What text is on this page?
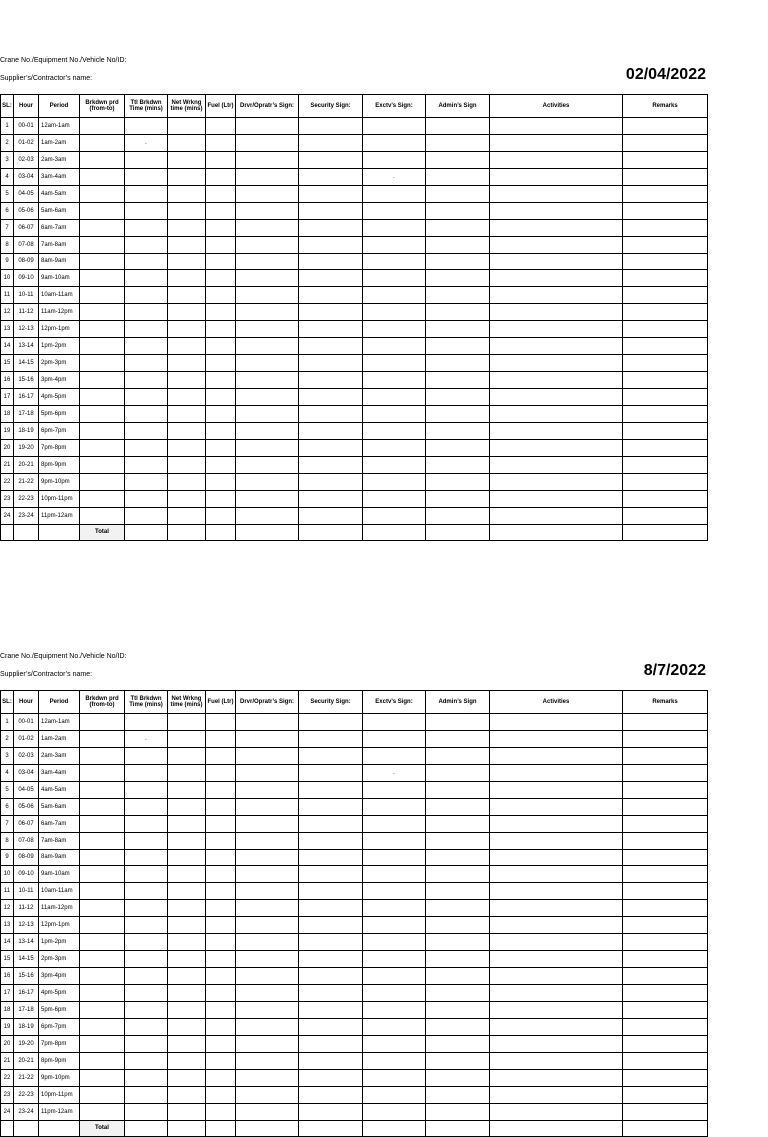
Crane No./Equipment No./Vehicle No/ID:
Supplier’s/Contractor’s name:	02/04/2022
SL:	Hour	Period	Brkdwn prd (from-to)	Ttl Brkdwn Time (mins)	Net Wrkng time (mins)	Fuel (Ltr)	Drvr/Opratr’s Sign:	Security Sign:	Exctv’s Sign:	Admin’s Sign	Activities	Remarks
1	00-01	12am-1am										
2	01-02	1am-2am		.								
3	02-03	2am-3am										
4	03-04	3am-4am							.			
5	04-05	4am-5am										
6	05-06	5am-6am										
7	06-07	6am-7am										
8	07-08	7am-8am										
9	08-09	8am-9am										
10	09-10	9am-10am										
11	10-11	10am-11am										
12	11-12	11am-12pm										
13	12-13	12pm-1pm										
14	13-14	1pm-2pm										
15	14-15	2pm-3pm										
16	15-16	3pm-4pm										
17	16-17	4pm-5pm										
18	17-18	5pm-6pm										
19	18-19	6pm-7pm										
20	19-20	7pm-8pm										
21	20-21	8pm-9pm										
22	21-22	9pm-10pm										
23	22-23	10pm-11pm										
24	23-24	11pm-12am										
			Total									
Crane No./Equipment No./Vehicle No/ID:
Supplier’s/Contractor’s name:	8/7/2022
SL:	Hour	Period	Brkdwn prd (from-to)	Ttl Brkdwn Time (mins)	Net Wrkng time (mins)	Fuel (Ltr)	Drvr/Opratr’s Sign:	Security Sign:	Exctv’s Sign:	Admin’s Sign	Activities	Remarks
1	00-01	12am-1am										
2	01-02	1am-2am		.								
3	02-03	2am-3am										
4	03-04	3am-4am							.			
5	04-05	4am-5am										
6	05-06	5am-6am										
7	06-07	6am-7am										
8	07-08	7am-8am										
9	08-09	8am-9am										
10	09-10	9am-10am										
11	10-11	10am-11am										
12	11-12	11am-12pm										
13	12-13	12pm-1pm										
14	13-14	1pm-2pm										
15	14-15	2pm-3pm										
16	15-16	3pm-4pm										
17	16-17	4pm-5pm										
18	17-18	5pm-6pm										
19	18-19	6pm-7pm										
20	19-20	7pm-8pm										
21	20-21	8pm-9pm										
22	21-22	9pm-10pm										
23	22-23	10pm-11pm										
24	23-24	11pm-12am										
			Total									
